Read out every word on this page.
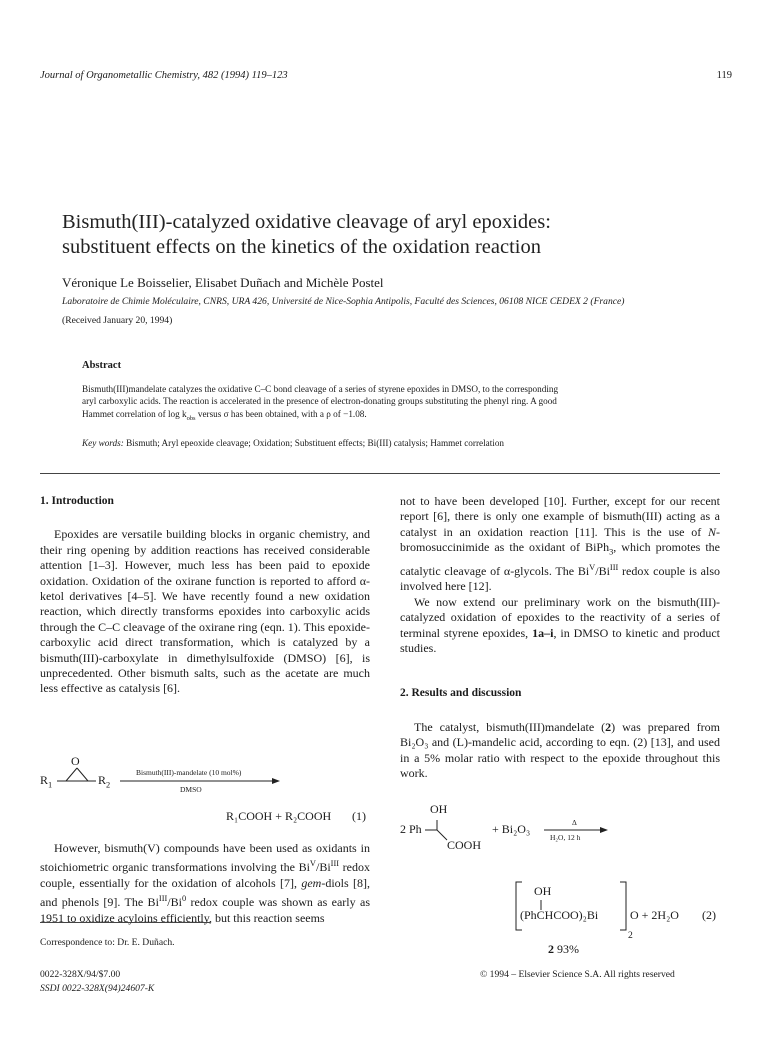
Journal of Organometallic Chemistry, 482 (1994) 119–123	119
Bismuth(III)-catalyzed oxidative cleavage of aryl epoxides:
substituent effects on the kinetics of the oxidation reaction
Véronique Le Boisselier, Elisabet Duñach and Michèle Postel
Laboratoire de Chimie Moléculaire, CNRS, URA 426, Université de Nice-Sophia Antipolis, Faculté des Sciences, 06108 NICE CEDEX 2 (France)
(Received January 20, 1994)
Abstract
Bismuth(III)mandelate catalyzes the oxidative C–C bond cleavage of a series of styrene epoxides in DMSO, to the corresponding
aryl carboxylic acids. The reaction is accelerated in the presence of electron-donating groups substituting the phenyl ring. A good
Hammet correlation of $\log k_{obs}$ versus σ has been obtained, with a ρ of −1.08.
Key words: Bismuth; Aryl epeoxide cleavage; Oxidation; Substituent effects; Bi(III) catalysis; Hammet correlation
1. Introduction

Epoxides are versatile building blocks in organic chemistry, and their ring opening by addition reactions has received considerable attention [1–3]. However, much less has been paid to epoxide oxidation. Oxidation of the oxirane function is reported to afford α-ketol derivatives [4–5]. We have recently found a new oxidation reaction, which directly transforms epoxides into carboxylic acids through the C–C cleavage of the oxirane ring (eqn. 1). This epoxide-carboxylic acid direct transformation, which is catalyzed by a bismuth(III)-carboxylate in dimethylsulfoxide (DMSO) [6], is unprecedented. Other bismuth salts, such as the acetate are much less effective as catalysis [6].

O
$R_1$	$R_2$
Bismuth(III)-mandelate (10 mol%)
DMSO
R₁COOH + R₂COOH (1)

However, bismuth(V) compounds have been used as oxidants in stoichiometric organic transformations involving the $Bi^V/Bi^{III}$ redox couple, essentially for the oxidation of alcohols [7], gem-diols [8], and phenols [9]. The $Bi^{III}/Bi^0$ redox couple was shown as early as 1951 to oxidize acyloins efficiently, but this reaction seems

not to have been developed [10]. Further, except for our recent report [6], there is only one example of bismuth(III) acting as a catalyst in an oxidation reaction [11]. This is the use of N-bromosuccinimide as the oxidant of BiPh$_3$, which promotes the catalytic cleavage of α-glycols. The $Bi^V/Bi^{III}$ redox couple is also involved here [12].

We now extend our preliminary work on the bismuth(III)-catalyzed oxidation of epoxides to the reactivity of a series of terminal styrene epoxides, 1a–i, in DMSO to kinetic and product studies.

2. Results and discussion

The catalyst, bismuth(III)mandelate (2) was prepared from Bi₂O₃ and (L)-mandelic acid, according to eqn. (2) [13], and used in a 5% molar ratio with respect to the epoxide throughout this work.

OH
2 Ph
COOH
+ Bi₂O₃	Δ
H₂O, 12 h
OH
(PhCHCOO)₂Bi	O + 2H₂O
2
(2)
2 93%
Correspondence to: Dr. E. Duñach.
0022-328X/94/$7.00
SSDI 0022-328X(94)24607-K
© 1994 – Elsevier Science S.A. All rights reserved
